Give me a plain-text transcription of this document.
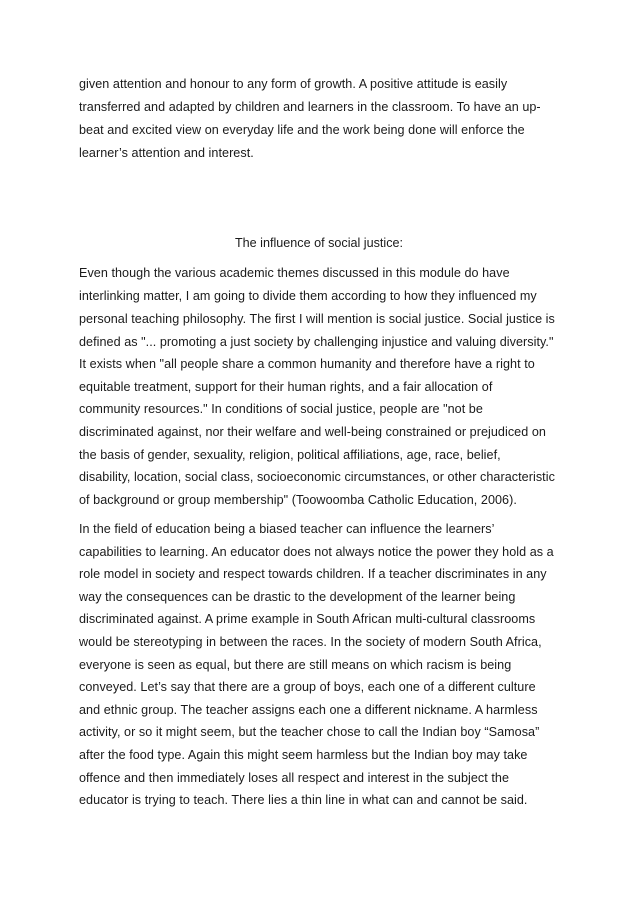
given attention and honour to any form of growth. A positive attitude is easily
transferred and adapted by children and learners in the classroom. To have an up-
beat and excited view on everyday life and the work being done will enforce the
learner’s attention and interest.
The influence of social justice:
Even though the various academic themes discussed in this module do have
interlinking matter, I am going to divide them according to how they influenced my
personal teaching philosophy. The first I will mention is social justice. Social justice is
defined as "... promoting a just society by challenging injustice and valuing diversity."
It exists when "all people share a common humanity and therefore have a right to
equitable treatment, support for their human rights, and a fair allocation of
community resources." In conditions of social justice, people are "not be
discriminated against, nor their welfare and well-being constrained or prejudiced on
the basis of gender, sexuality, religion, political affiliations, age, race, belief,
disability, location, social class, socioeconomic circumstances, or other characteristic
of background or group membership" (Toowoomba Catholic Education, 2006).
In the field of education being a biased teacher can influence the learners’
capabilities to learning. An educator does not always notice the power they hold as a
role model in society and respect towards children. If a teacher discriminates in any
way the consequences can be drastic to the development of the learner being
discriminated against. A prime example in South African multi-cultural classrooms
would be stereotyping in between the races. In the society of modern South Africa,
everyone is seen as equal, but there are still means on which racism is being
conveyed. Let’s say that there are a group of boys, each one of a different culture
and ethnic group. The teacher assigns each one a different nickname. A harmless
activity, or so it might seem, but the teacher chose to call the Indian boy “Samosa”
after the food type. Again this might seem harmless but the Indian boy may take
offence and then immediately loses all respect and interest in the subject the
educator is trying to teach. There lies a thin line in what can and cannot be said.
